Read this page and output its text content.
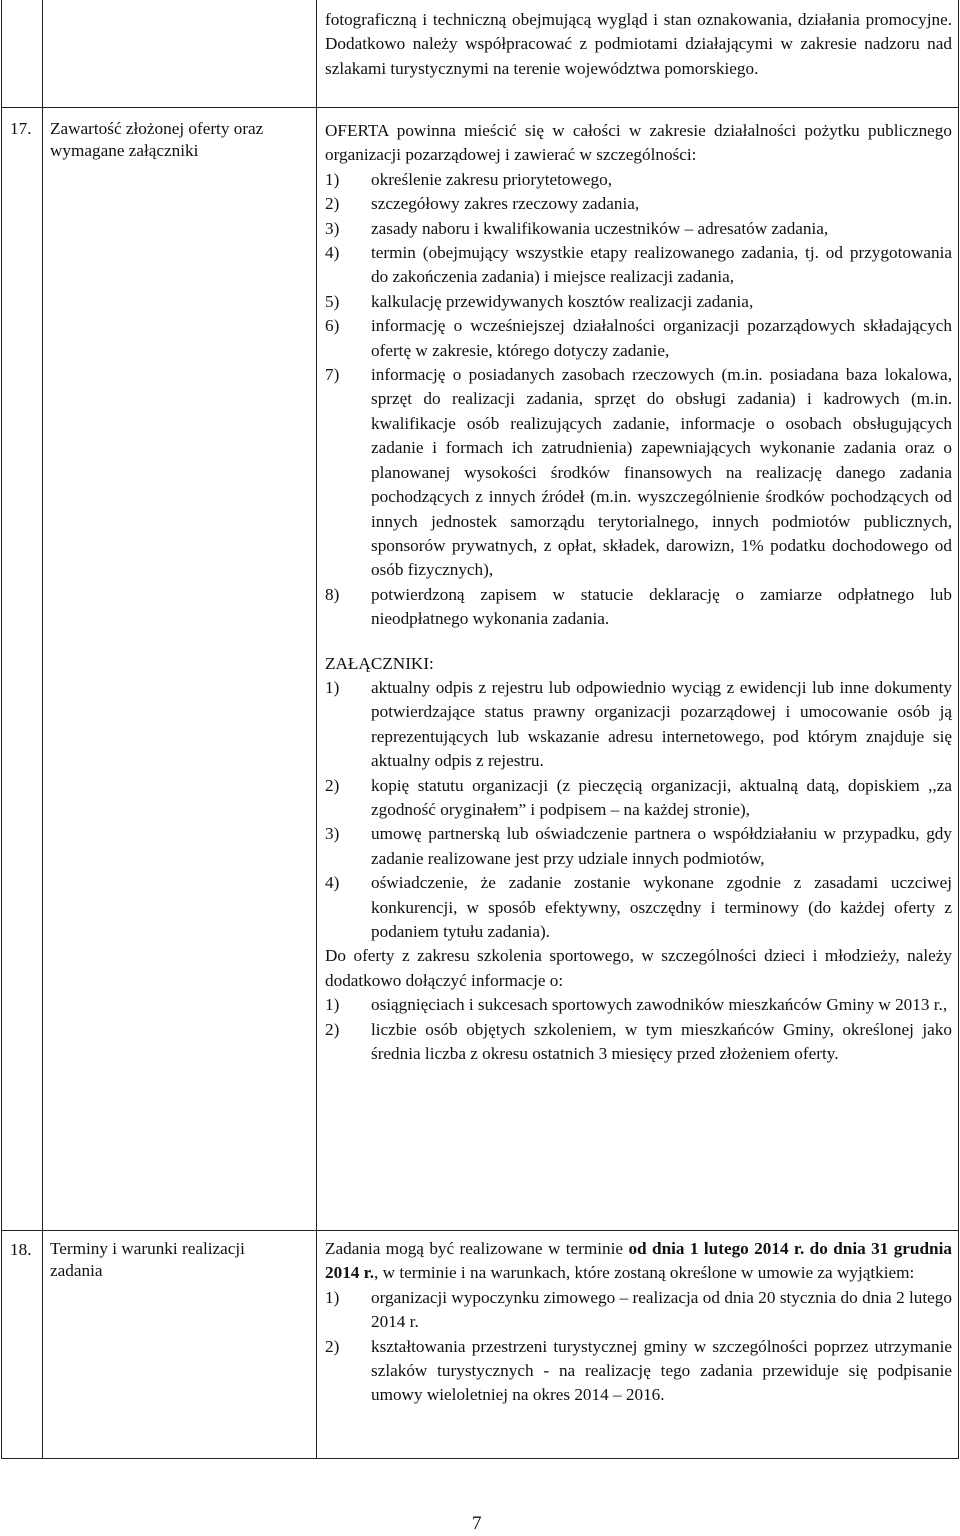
fotograficzną i techniczną obejmującą wygląd i stan oznakowania, działania promocyjne. Dodatkowo należy współpracować z podmiotami działającymi w zakresie nadzoru nad szlakami turystycznymi na terenie województwa pomorskiego.

17.	Zawartość złożonej oferty oraz wymagane załączniki

OFERTA powinna mieścić się w całości w zakresie działalności pożytku publicznego organizacji pozarządowej i zawierać w szczególności:

1) określenie zakresu priorytetowego,
2) szczegółowy zakres rzeczowy zadania,
3) zasady naboru i kwalifikowania uczestników – adresatów zadania,
4) termin (obejmujący wszystkie etapy realizowanego zadania, tj. od przygotowania do zakończenia zadania) i miejsce realizacji zadania,
5) kalkulację przewidywanych kosztów realizacji zadania,
6) informację o wcześniejszej działalności organizacji pozarządowych składających ofertę w zakresie, którego dotyczy zadanie,
7) informację o posiadanych zasobach rzeczowych (m.in. posiadana baza lokalowa, sprzęt do realizacji zadania, sprzęt do obsługi zadania) i kadrowych (m.in. kwalifikacje osób realizujących zadanie, informacje o osobach obsługujących zadanie i formach ich zatrudnienia) zapewniających wykonanie zadania oraz o planowanej wysokości środków finansowych na realizację danego zadania pochodzących z innych źródeł (m.in. wyszczególnienie środków pochodzących od innych jednostek samorządu terytorialnego, innych podmiotów publicznych, sponsorów prywatnych, z opłat, składek, darowizn, 1% podatku dochodowego od osób fizycznych),
8) potwierdzoną zapisem w statucie deklarację o zamiarze odpłatnego lub nieodpłatnego wykonania zadania.

ZAŁĄCZNIKI:

1) aktualny odpis z rejestru lub odpowiednio wyciąg z ewidencji lub inne dokumenty potwierdzające status prawny organizacji pozarządowej i umocowanie osób ją reprezentujących lub wskazanie adresu internetowego, pod którym znajduje się aktualny odpis z rejestru.
2) kopię statutu organizacji (z pieczęcią organizacji, aktualną datą, dopiskiem ,,za zgodność oryginałem” i podpisem – na każdej stronie),
3) umowę partnerską lub oświadczenie partnera o współdziałaniu w przypadku, gdy zadanie realizowane jest przy udziale innych podmiotów,
4) oświadczenie, że zadanie zostanie wykonane zgodnie z zasadami uczciwej konkurencji, w sposób efektywny, oszczędny i terminowy (do każdej oferty z podaniem tytułu zadania).

Do oferty z zakresu szkolenia sportowego, w szczególności dzieci i młodzieży, należy dodatkowo dołączyć informacje o:

1) osiągnięciach i sukcesach sportowych zawodników mieszkańców Gminy w 2013 r.,
2) liczbie osób objętych szkoleniem, w tym mieszkańców Gminy, określonej jako średnia liczba z okresu ostatnich 3 miesięcy przed złożeniem oferty.
18.	Terminy i warunki realizacji zadania

Zadania mogą być realizowane w terminie od dnia 1 lutego 2014 r. do dnia 31 grudnia 2014 r., w terminie i na warunkach, które zostaną określone w umowie za wyjątkiem:

1) organizacji wypoczynku zimowego – realizacja od dnia 20 stycznia do dnia 2 lutego 2014 r.
2) kształtowania przestrzeni turystycznej gminy w szczególności poprzez utrzymanie szlaków turystycznych - na realizację tego zadania przewiduje się podpisanie umowy wieloletniej na okres 2014 – 2016.
7
